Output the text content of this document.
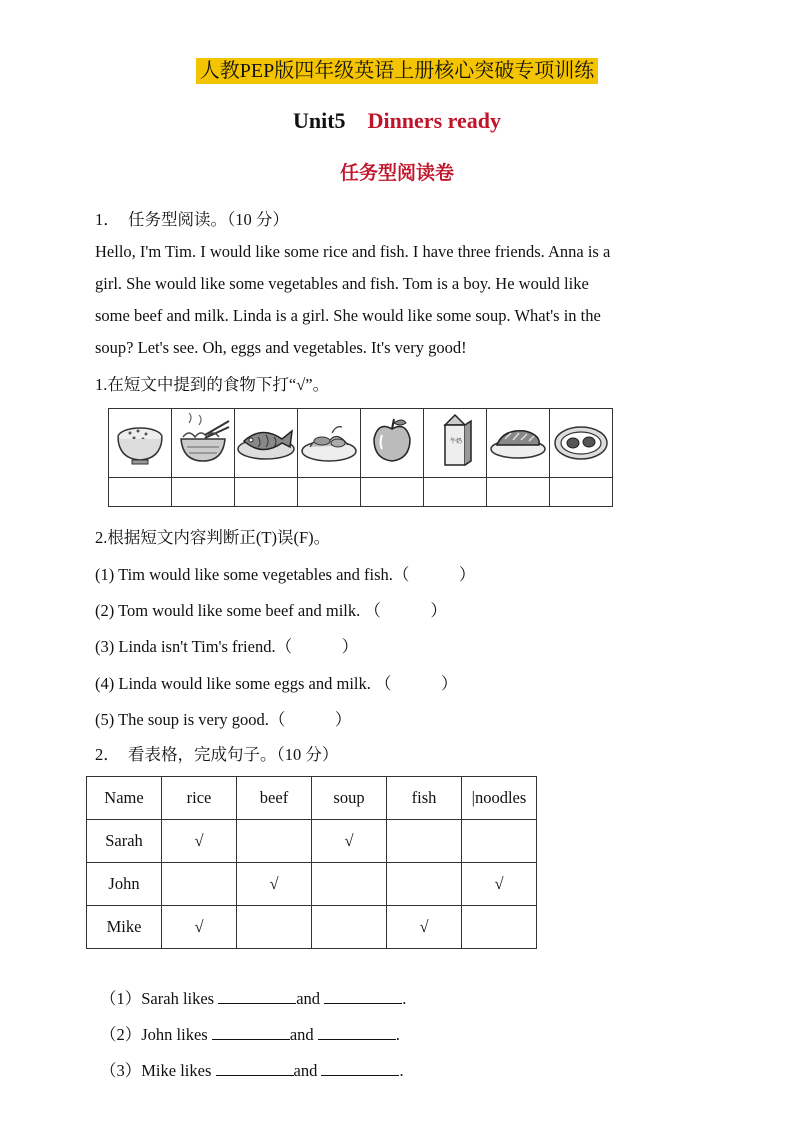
人教PEP版四年级英语上册核心突破专项训练
Unit5 Dinners ready
任务型阅读卷
1．　任务型阅读。（10 分）
Hello, I'm Tim. I would like some rice and fish. I have three friends. Anna is a
girl. She would like some vegetables and fish. Tom is a boy. He would like
some beef and milk. Linda is a girl. She would like some soup. What's in the
soup? Let's see. Oh, eggs and vegetables. It's very good!
1.在短文中提到的食物下打“√”。

牛奶

2.根据短文内容判断正(T)误(F)。
(1) Tim would like some vegetables and fish.（　　　）
(2) Tom would like some beef and milk. （　　　）
(3) Linda isn't Tim's friend.（　　　）
(4) Linda would like some eggs and milk. （　　　）
(5) The soup is very good.（　　　）
2．　看表格，完成句子。（10 分）
Name	rice	beef	soup	fish	|noodles
Sarah	√		√		
John		√			√
Mike	√			√	
（1）Sarah likes	and	.
（2）John likes	and	.
（3）Mike likes	and	.
